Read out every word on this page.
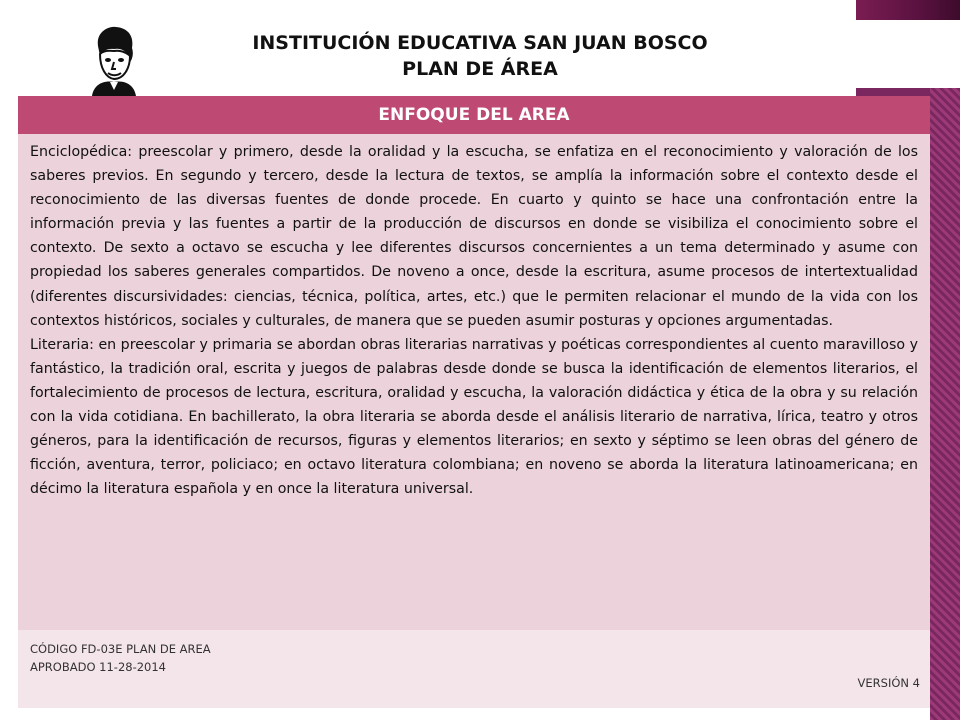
INSTITUCIÓN EDUCATIVA SAN JUAN BOSCO
PLAN DE ÁREA
ENFOQUE DEL AREA

Enciclopédica: preescolar y primero, desde la oralidad y la escucha, se enfatiza en el reconocimiento y valoración de los saberes previos. En segundo y tercero, desde la lectura de textos, se amplía la información sobre el contexto desde el reconocimiento de las diversas fuentes de donde procede. En cuarto y quinto se hace una confrontación entre la información previa y las fuentes a partir de la producción de discursos en donde se visibiliza el conocimiento sobre el contexto. De sexto a octavo se escucha y lee diferentes discursos concernientes a un tema determinado y asume con propiedad los saberes generales compartidos. De noveno a once, desde la escritura, asume procesos de intertextualidad (diferentes discursividades: ciencias, técnica, política, artes, etc.) que le permiten relacionar el mundo de la vida con los contextos históricos, sociales y culturales, de manera que se pueden asumir posturas y opciones argumentadas.

Literaria: en preescolar y primaria se abordan obras literarias narrativas y poéticas correspondientes al cuento maravilloso y fantástico, la tradición oral, escrita y juegos de palabras desde donde se busca la identificación de elementos literarios, el fortalecimiento de procesos de lectura, escritura, oralidad y escucha, la valoración didáctica y ética de la obra y su relación con la vida cotidiana. En bachillerato, la obra literaria se aborda desde el análisis literario de narrativa, lírica, teatro y otros géneros, para la identificación de recursos, figuras y elementos literarios; en sexto y séptimo se leen obras del género de ficción, aventura, terror, policiaco; en octavo literatura colombiana; en noveno se aborda la literatura latinoamericana; en décimo la literatura española y en once la literatura universal.

CÓDIGO FD-03E PLAN DE AREA
APROBADO 11-28-2014
VERSIÓN 4
